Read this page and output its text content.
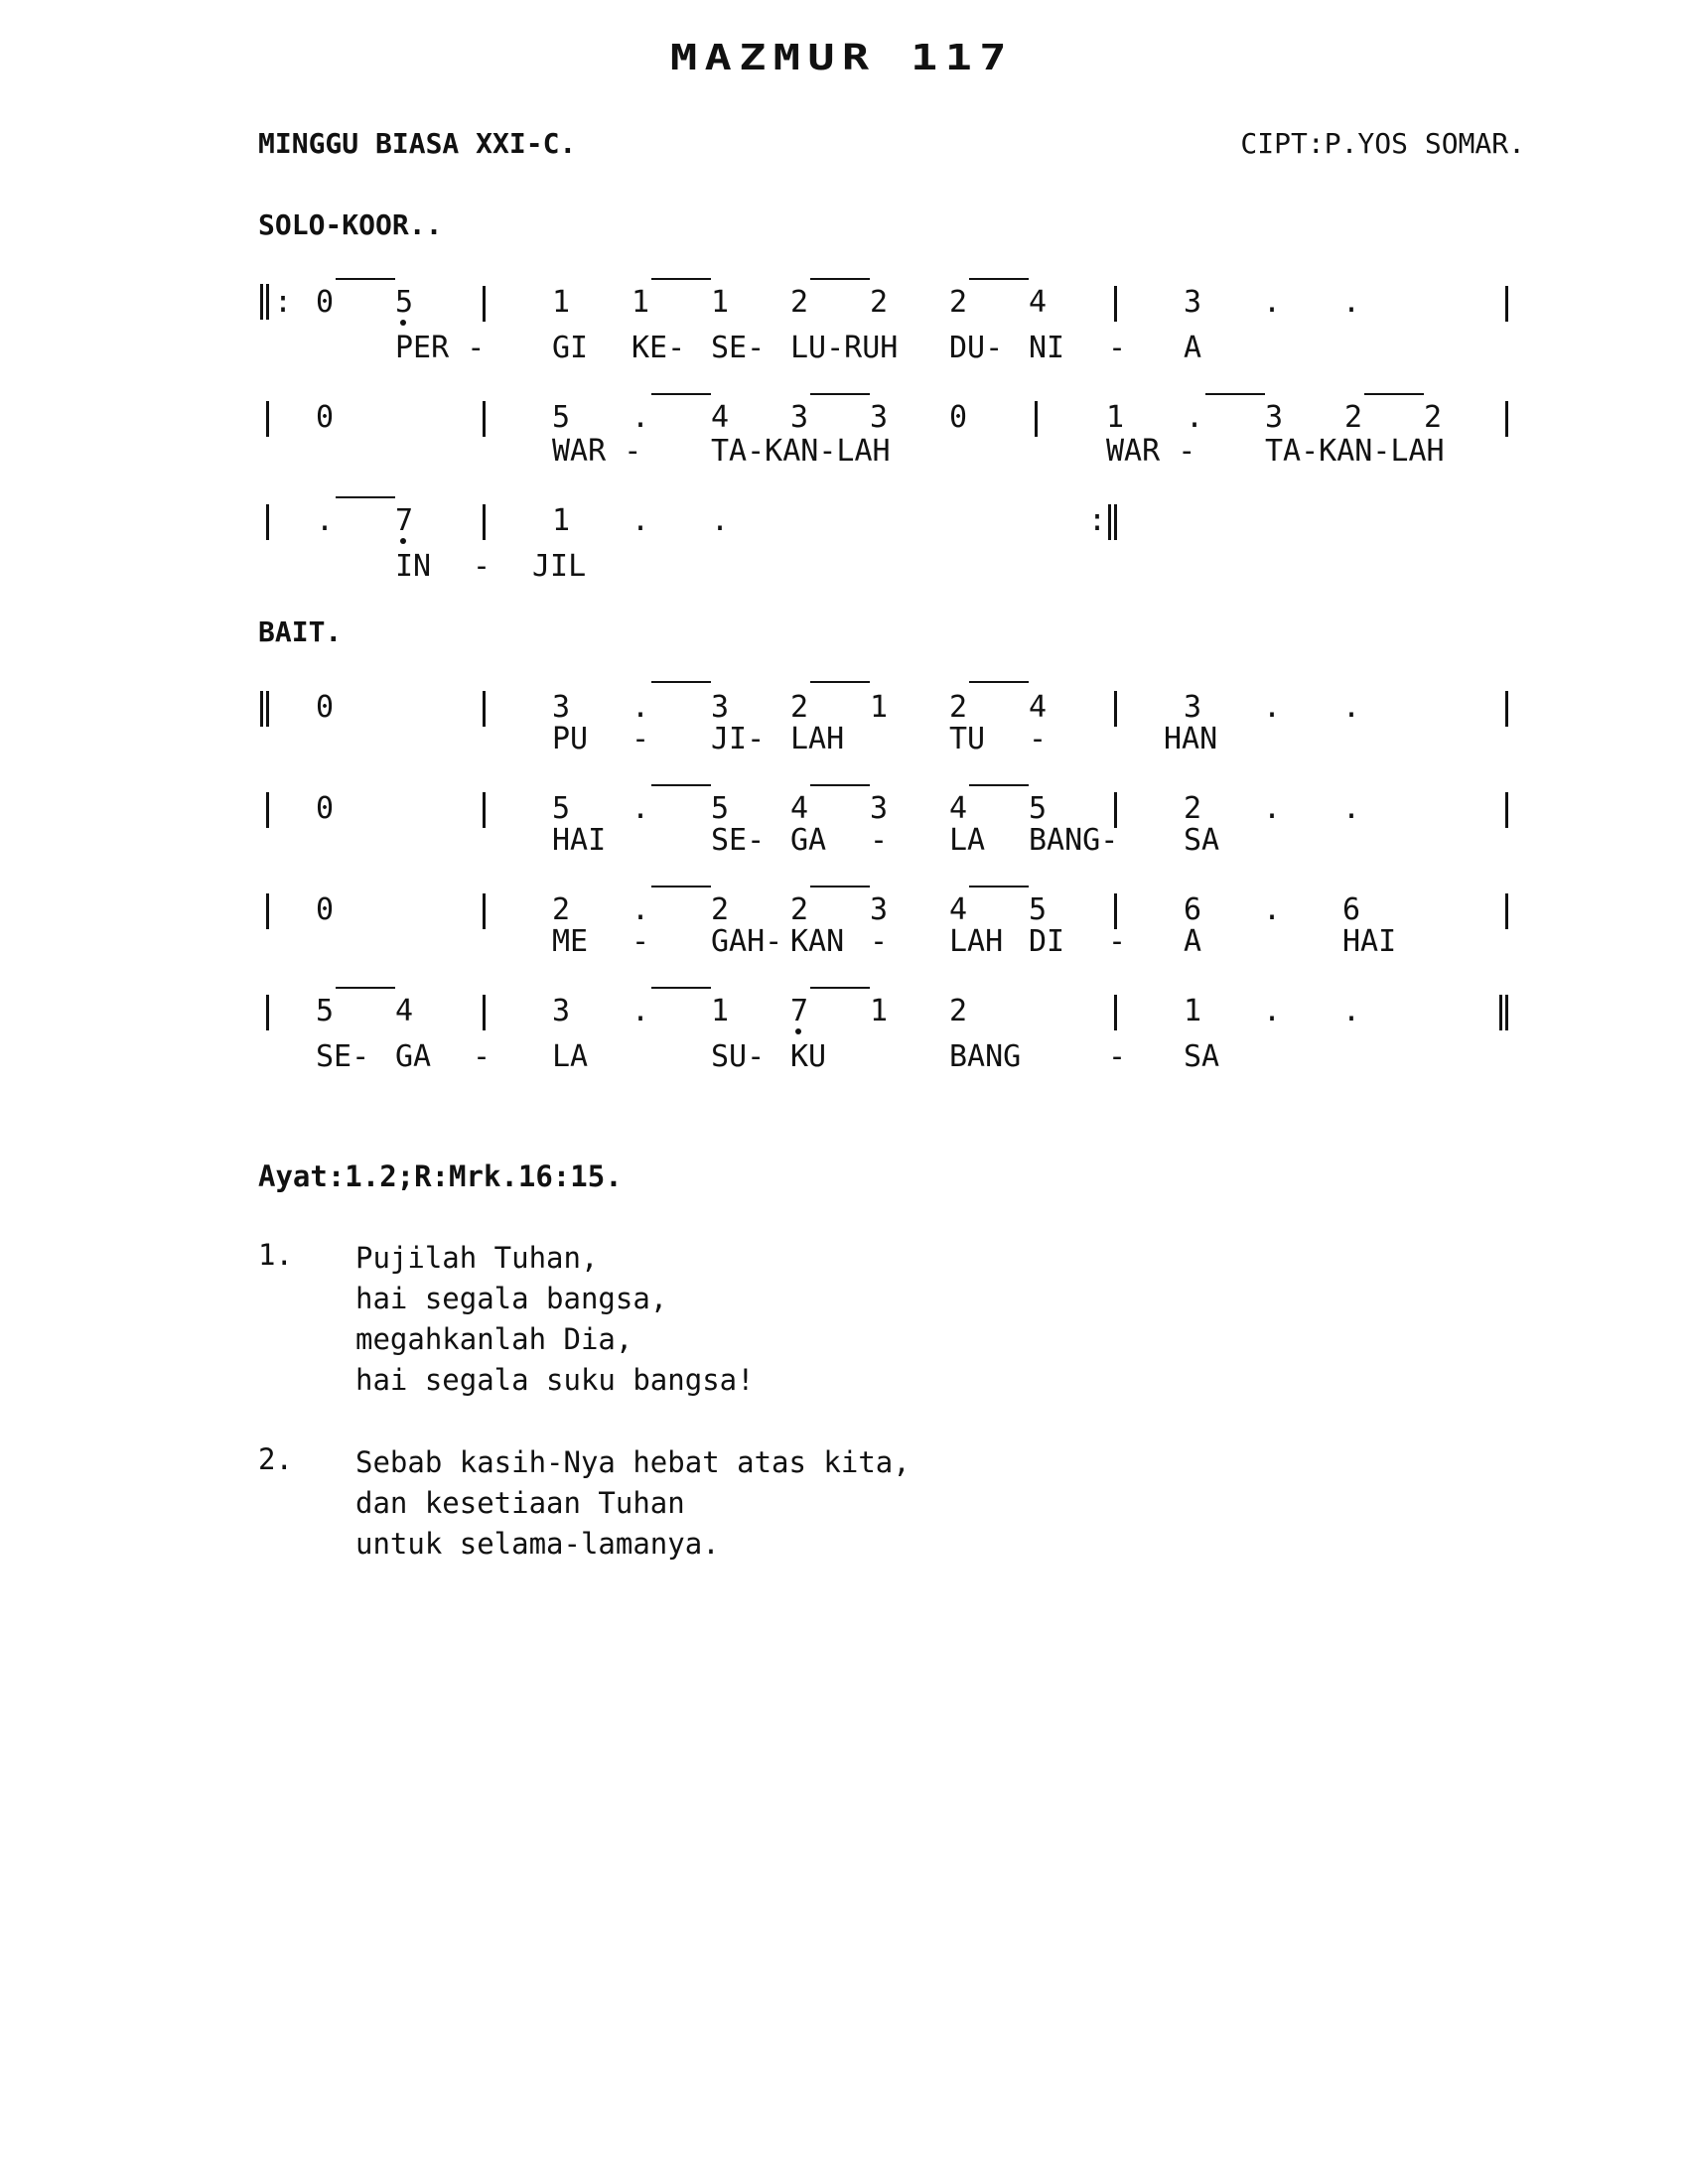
MAZMUR 117
MINGGU BIASA XXI-C.	CIPT:P.YOS SOMAR.
SOLO-KOOR..
: 0 5	1 1 1 2 2 2 4	3 . .
PER - GI KE- SE- LU-RUH DU- NI - A
0	5 . 4 3 3 0	1 . 3 2 2
WAR - TA-KAN-LAH	WAR - TA-KAN-LAH
. 7	1 . .	:
IN - JIL
BAIT.
0	3 . 3 2 1 2 4	3 . .
PU - JI- LAH	TU -	HAN
0	5 . 5 4 3 4 5	2 . .
HAI	SE- GA - LA BANG- SA
0	2 . 2 2 3 4 5	6 . 6
ME - GAH- KAN - LAH DI - A	HAI
5 4	3 . 1 7 1 2	1 . .
SE- GA - LA	SU- KU	BANG	- SA
Ayat:1.2;R:Mrk.16:15.
1. Pujilah Tuhan,
hai segala bangsa,
megahkanlah Dia,
hai segala suku bangsa!
2. Sebab kasih-Nya hebat atas kita,
dan kesetiaan Tuhan
untuk selama-lamanya.
